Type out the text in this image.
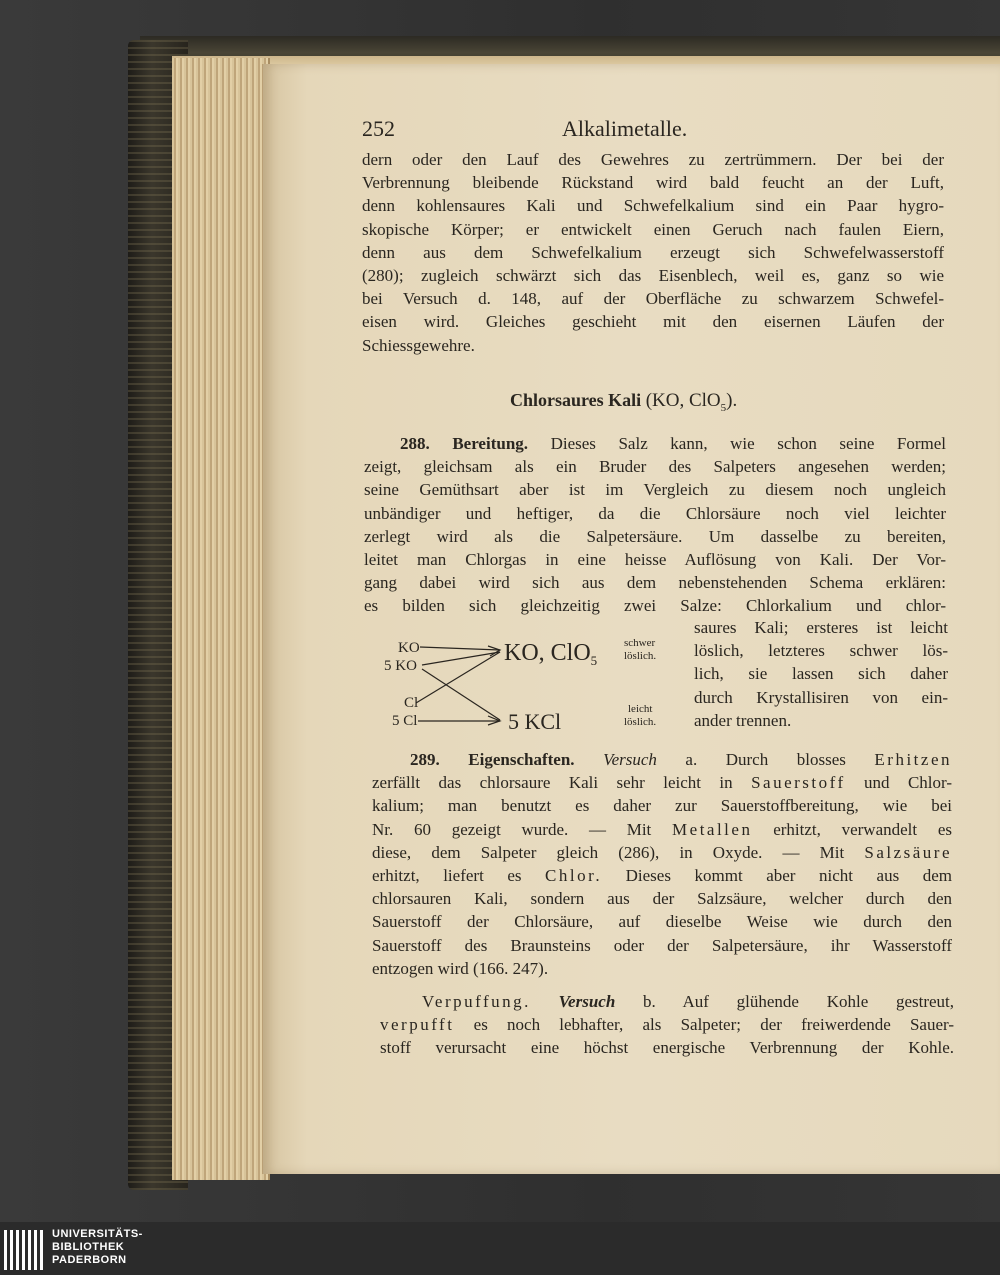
252	Alkalimetalle.
dern oder den Lauf des Gewehres zu zertrümmern. Der bei der
Verbrennung bleibende Rückstand wird bald feucht an der Luft,
denn kohlensaures Kali und Schwefelkalium sind ein Paar hygro-
skopische Körper; er entwickelt einen Geruch nach faulen Eiern,
denn aus dem Schwefelkalium erzeugt sich Schwefelwasserstoff
(280); zugleich schwärzt sich das Eisenblech, weil es, ganz so wie
bei Versuch d. 148, auf der Oberfläche zu schwarzem Schwefel-
eisen wird. Gleiches geschieht mit den eisernen Läufen der
Schiessgewehre.
Chlorsaures Kali (KO, ClO$_5$).
288. Bereitung. Dieses Salz kann, wie schon seine Formel
zeigt, gleichsam als ein Bruder des Salpeters angesehen werden;
seine Gemüthsart aber ist im Vergleich zu diesem noch ungleich
unbändiger und heftiger, da die Chlorsäure noch viel leichter
zerlegt wird als die Salpetersäure. Um dasselbe zu bereiten,
leitet man Chlorgas in eine heisse Auflösung von Kali. Der Vor-
gang dabei wird sich aus dem nebenstehenden Schema erklären:
es bilden sich gleichzeitig zwei Salze: Chlorkalium und chlor-
saures Kali; ersteres ist leicht
löslich, letzteres schwer lös-
lich, sie lassen sich daher
durch Krystallisiren von ein-
ander trennen.
KO
5 KO
Cl
5 Cl
KO, ClO$_5$
5 KCl
schwer
löslich.
leicht
löslich.
289. Eigenschaften. Versuch a. Durch blosses Erhitzen
zerfällt das chlorsaure Kali sehr leicht in Sauerstoff und Chlor-
kalium; man benutzt es daher zur Sauerstoffbereitung, wie bei
Nr. 60 gezeigt wurde. — Mit Metallen erhitzt, verwandelt es
diese, dem Salpeter gleich (286), in Oxyde. — Mit Salzsäure
erhitzt, liefert es Chlor. Dieses kommt aber nicht aus dem
chlorsauren Kali, sondern aus der Salzsäure, welcher durch den
Sauerstoff der Chlorsäure, auf dieselbe Weise wie durch den
Sauerstoff des Braunsteins oder der Salpetersäure, ihr Wasserstoff
entzogen wird (166. 247).
Verpuffung. Versuch b. Auf glühende Kohle gestreut,
verpufft es noch lebhafter, als Salpeter; der freiwerdende Sauer-
stoff verursacht eine höchst energische Verbrennung der Kohle.
UNIVERSITÄTS-
BIBLIOTHEK
PADERBORN
